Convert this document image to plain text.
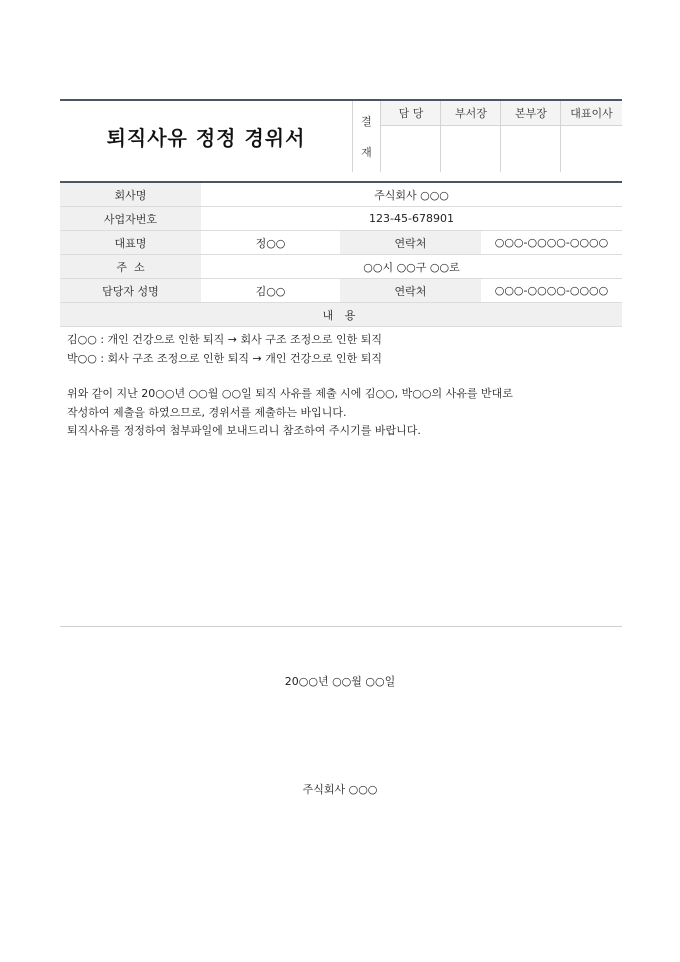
퇴직사유 정정 경위서
결
재
담 당	부서장	본부장	대표이사
회사명	주식회사 ○○○		
사업자번호	123-45-678901		
대표명	정○○	연락처	○○○-○○○○-○○○○
주  소	○○시 ○○구 ○○로		
담당자 성명	김○○	연락처	○○○-○○○○-○○○○
내 용			

김○○ : 개인 건강으로 인한 퇴직 → 회사 구조 조정으로 인한 퇴직

박○○ : 회사 구조 조정으로 인한 퇴직 → 개인 건강으로 인한 퇴직

위와 같이 지난 20○○년 ○○월 ○○일 퇴직 사유를 제출 시에 김○○, 박○○의 사유를 반대로

작성하여 제출을 하였으므로, 경위서를 제출하는 바입니다.

퇴직사유를 정정하여 첨부파일에 보내드리니 참조하여 주시기를 바랍니다.

20○○년 ○○월 ○○일
주식회사 ○○○
